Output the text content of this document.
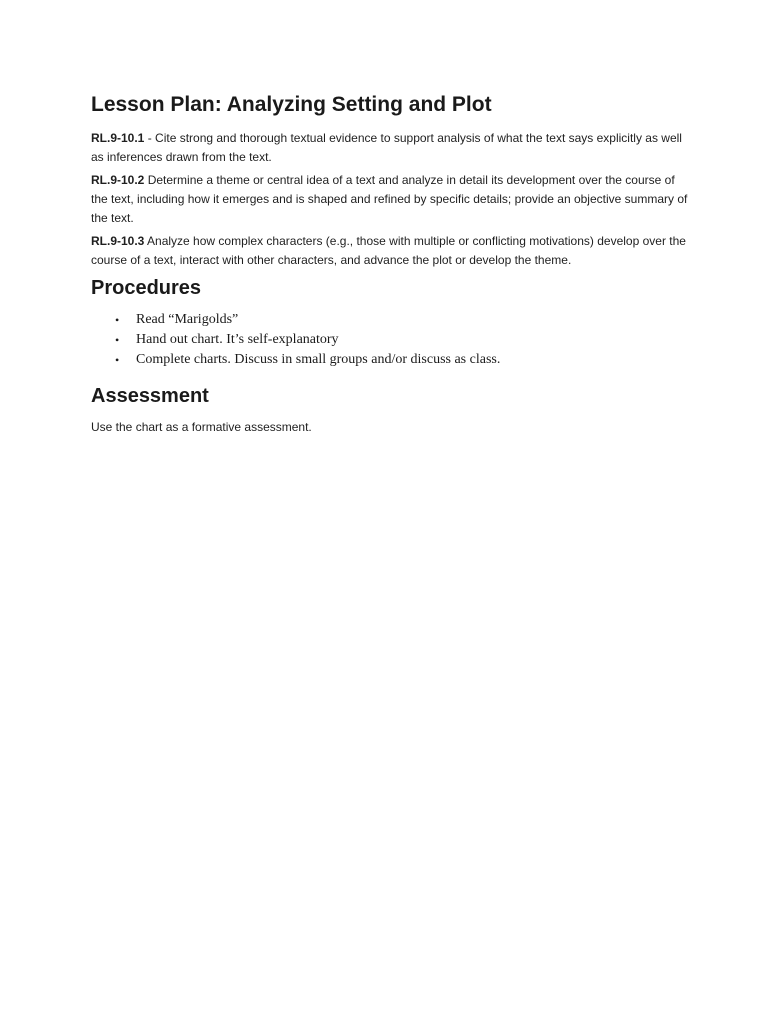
Lesson Plan: Analyzing Setting and Plot

RL.9-10.1 - Cite strong and thorough textual evidence to support analysis of what the text says explicitly as well as inferences drawn from the text.

RL.9-10.2 Determine a theme or central idea of a text and analyze in detail its development over the course of the text, including how it emerges and is shaped and refined by specific details; provide an objective summary of the text.

RL.9-10.3 Analyze how complex characters (e.g., those with multiple or conflicting motivations) develop over the course of a text, interact with other characters, and advance the plot or develop the theme.

Procedures
• Read “Marigolds”
• Hand out chart. It’s self-explanatory
• Complete charts. Discuss in small groups and/or discuss as class.
Assessment

Use the chart as a formative assessment.
